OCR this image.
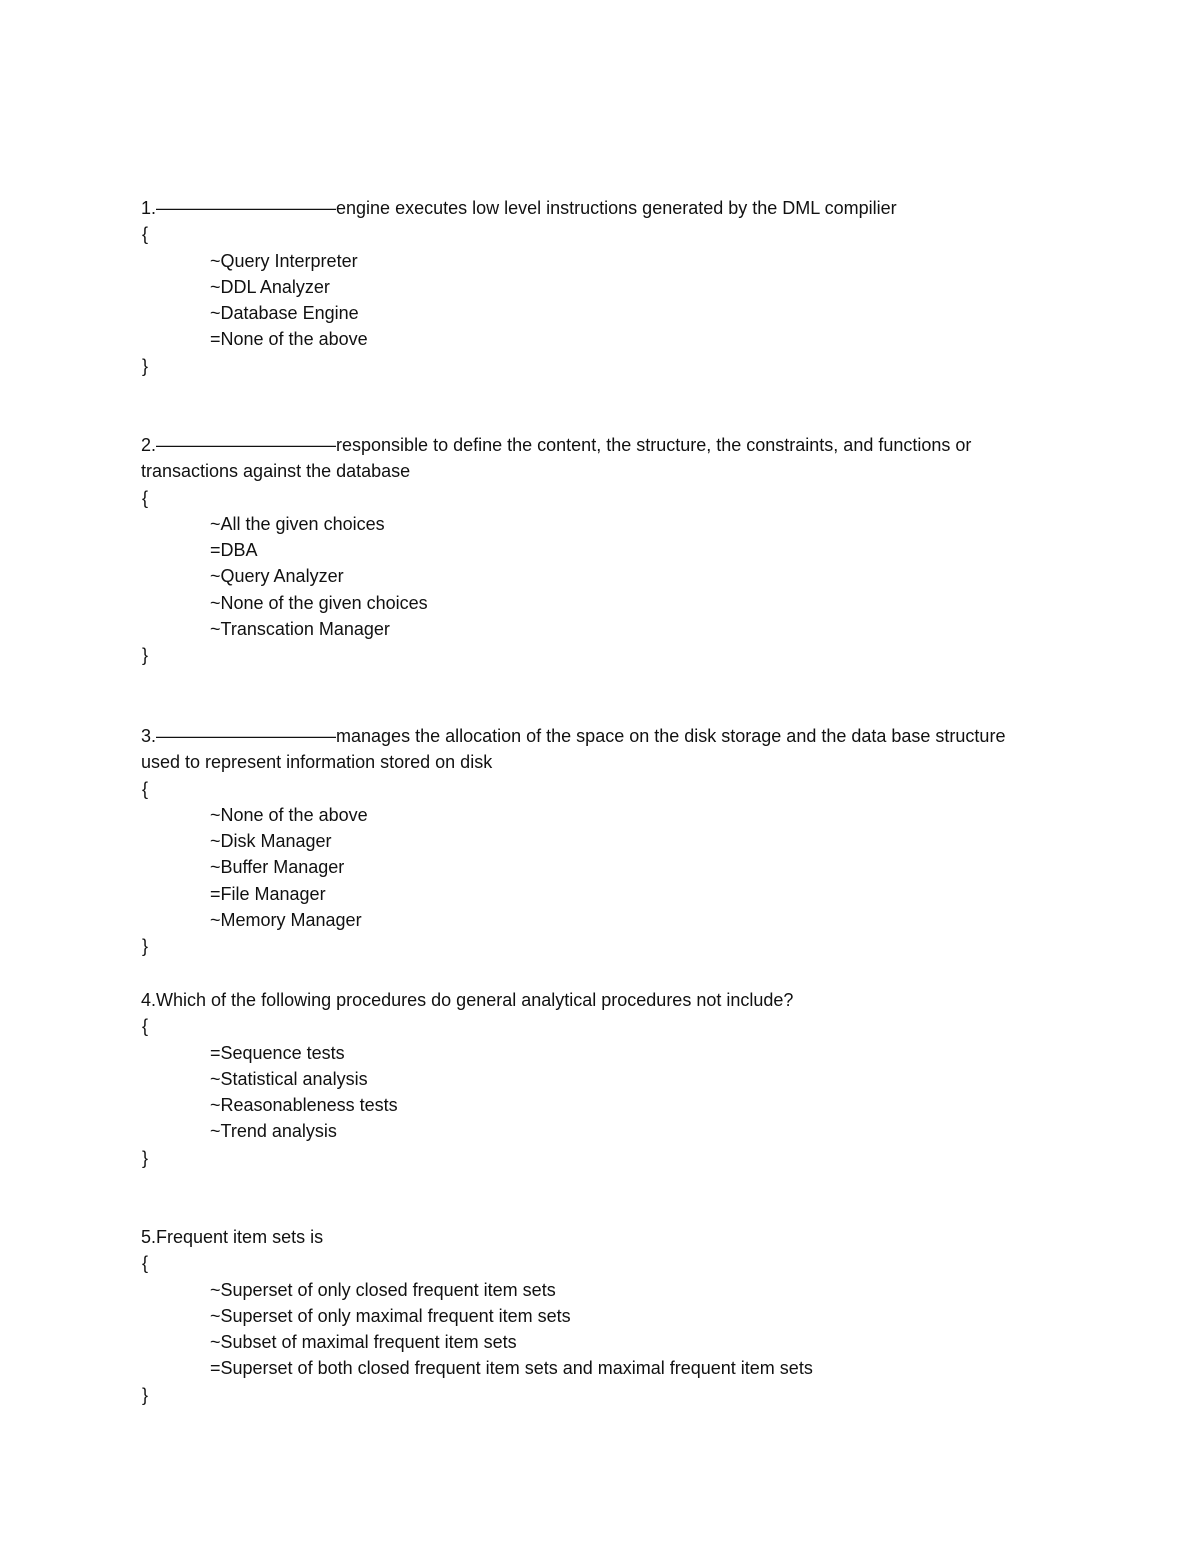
1.——————————engine executes low level instructions generated by the DML compilier
{
~Query Interpreter
~DDL Analyzer
~Database Engine
=None of the above
}
2.——————————responsible to define the content, the structure, the constraints, and functions or
transactions against the database
{
~All the given choices
=DBA
~Query Analyzer
~None of the given choices
~Transcation Manager
}
3.——————————manages the allocation of the space on the disk storage and the data base structure
used to represent information stored on disk
{
~None of the above
~Disk Manager
~Buffer Manager
=File Manager
~Memory Manager
}
4.Which of the following procedures do general analytical procedures not include?
{
=Sequence tests
~Statistical analysis
~Reasonableness tests
~Trend analysis
}
5.Frequent item sets is
{
~Superset of only closed frequent item sets
~Superset of only maximal frequent item sets
~Subset of maximal frequent item sets
=Superset of both closed frequent item sets and maximal frequent item sets
}
